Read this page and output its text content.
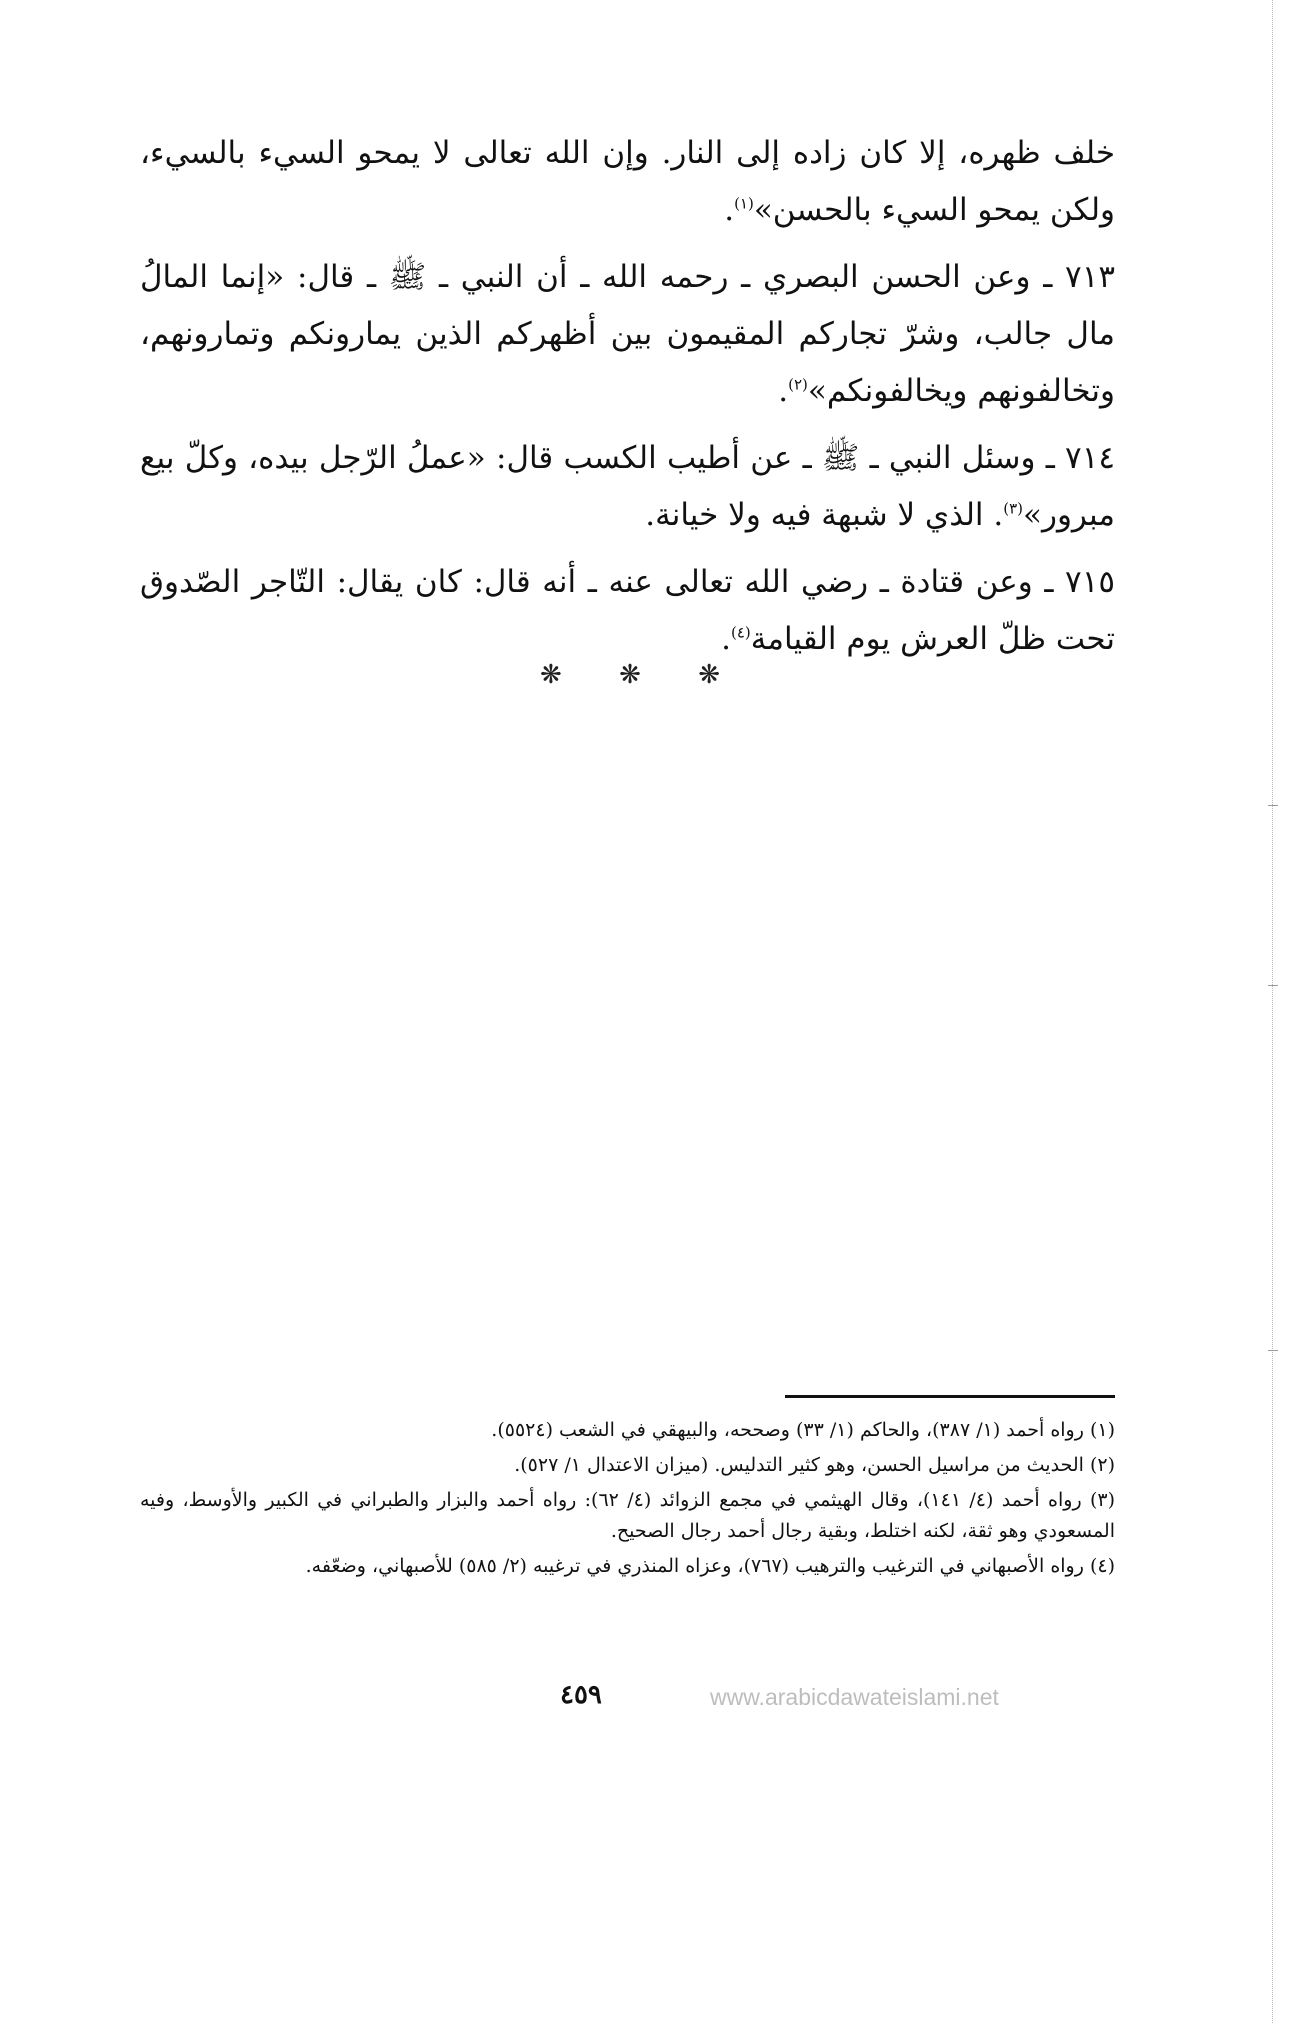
خلف ظهره، إلا كان زاده إلى النار. وإن الله تعالى لا يمحو السيء بالسيء، ولكن يمحو السيء بالحسن»$^{(١)}$.

٧١٣ ـ وعن الحسن البصري ـ رحمه الله ـ أن النبي ـ ﷺ ـ قال: «إنما المالُ مال جالب، وشرّ تجاركم المقيمون بين أظهركم الذين يمارونكم وتمارونهم، وتخالفونهم ويخالفونكم»$^{(٢)}$.

٧١٤ ـ وسئل النبي ـ ﷺ ـ عن أطيب الكسب قال: «عملُ الرّجل بيده، وكلّ بيع مبرور»$^{(٣)}$. الذي لا شبهة فيه ولا خيانة.

٧١٥ ـ وعن قتادة ـ رضي الله تعالى عنه ـ أنه قال: كان يقال: التّاجر الصّدوق تحت ظلّ العرش يوم القيامة$^{(٤)}$.

❋ ❋ ❋

(١) رواه أحمد (١/ ٣٨٧)، والحاكم (١/ ٣٣) وصححه، والبيهقي في الشعب (٥٥٢٤).

(٢) الحديث من مراسيل الحسن، وهو كثير التدليس. (ميزان الاعتدال ١/ ٥٢٧).

(٣) رواه أحمد (٤/ ١٤١)، وقال الهيثمي في مجمع الزوائد (٤/ ٦٢): رواه أحمد والبزار والطبراني في الكبير والأوسط، وفيه المسعودي وهو ثقة، لكنه اختلط، وبقية رجال أحمد رجال الصحيح.

(٤) رواه الأصبهاني في الترغيب والترهيب (٧٦٧)، وعزاه المنذري في ترغيبه (٢/ ٥٨٥) للأصبهاني، وضعّفه.

٤٥٩	www.arabicdawateislami.net
